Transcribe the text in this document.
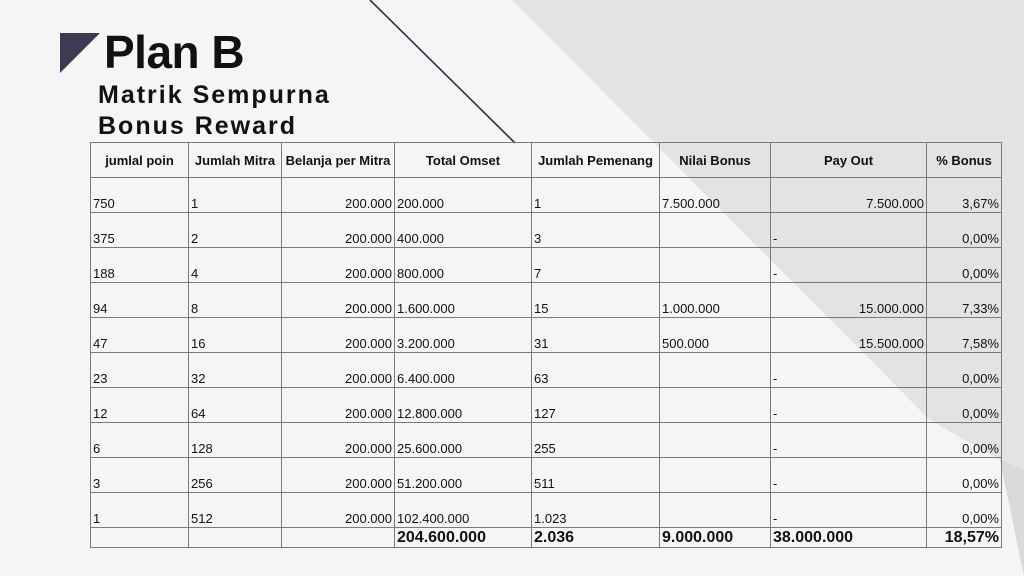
Plan B
Matrik Sempurna
Bonus Reward
jumlal poin	Jumlah Mitra	Belanja per Mitra	Total Omset	Jumlah Pemenang	Nilai Bonus	Pay Out	% Bonus
750	1	200.000	200.000	1	7.500.000	7.500.000	3,67%
375	2	200.000	400.000	3		-	0,00%
188	4	200.000	800.000	7		-	0,00%
94	8	200.000	1.600.000	15	1.000.000	15.000.000	7,33%
47	16	200.000	3.200.000	31	500.000	15.500.000	7,58%
23	32	200.000	6.400.000	63		-	0,00%
12	64	200.000	12.800.000	127		-	0,00%
6	128	200.000	25.600.000	255		-	0,00%
3	256	200.000	51.200.000	511		-	0,00%
1	512	200.000	102.400.000	1.023		-	0,00%
			204.600.000	2.036	9.000.000	38.000.000	18,57%
